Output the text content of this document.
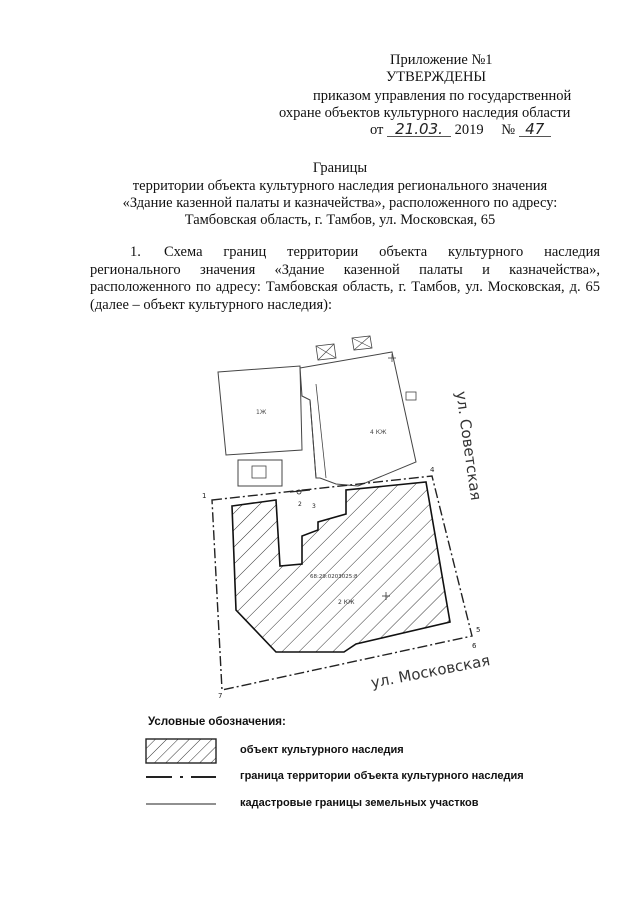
Приложение №1
УТВЕРЖДЕНЫ
приказом управления по государственной
охране объектов культурного наследия области
от 21.03. 2019 № 47
Границы
территории объекта культурного наследия регионального значения
«Здание казенной палаты и казначейства», расположенного по адресу:
Тамбовская область, г. Тамбов, ул. Московская, 65
1. Схема границ территории объекта культурного наследия регионального значения «Здание казенной палаты и казначейства», расположенного по адресу: Тамбовская область, г. Тамбов, ул. Московская, д. 65 (далее – объект культурного наследия):
1Ж
4 КЖ
68:29:0203025:8
2 КЖ
1
2 3
4
5
6
7
ул. Советская
ул. Московская
Условные обозначения:
объект культурного наследия
граница территории объекта культурного наследия
кадастровые границы земельных участков
